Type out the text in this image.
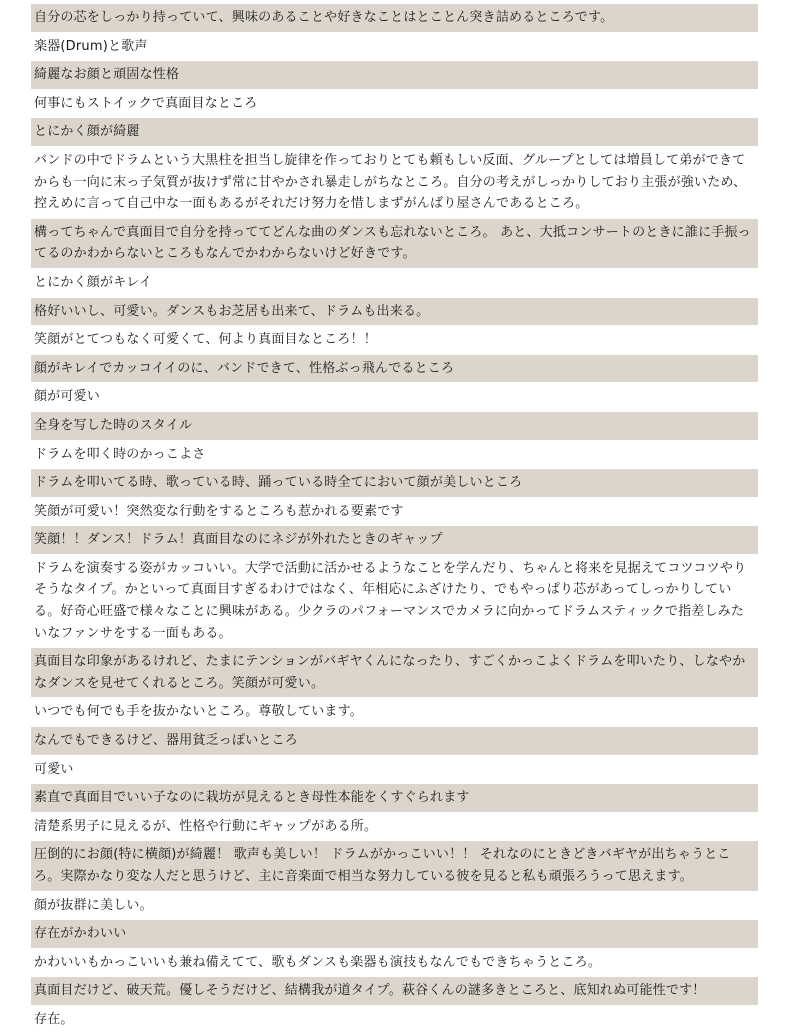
自分の芯をしっかり持っていて、興味のあることや好きなことはとことん突き詰めるところです。
楽器(Drum)と歌声
綺麗なお顔と頑固な性格
何事にもストイックで真面目なところ
とにかく顔が綺麗
バンドの中でドラムという大黒柱を担当し旋律を作っておりとても頼もしい反面、グループとしては増員して弟ができてからも一向に末っ子気質が抜けず常に甘やかされ暴走しがちなところ。自分の考えがしっかりしており主張が強いため、控えめに言って自己中な一面もあるがそれだけ努力を惜しまずがんばり屋さんであるところ。
構ってちゃんで真面目で自分を持っててどんな曲のダンスも忘れないところ。 あと、大抵コンサートのときに誰に手振ってるのかわからないところもなんでかわからないけど好きです。
とにかく顔がキレイ
格好いいし、可愛い。ダンスもお芝居も出来て、ドラムも出来る。
笑顔がとてつもなく可愛くて、何より真面目なところ！！
顔がキレイでカッコイイのに、バンドできて、性格ぶっ飛んでるところ
顔が可愛い
全身を写した時のスタイル
ドラムを叩く時のかっこよさ
ドラムを叩いてる時、歌っている時、踊っている時全てにおいて顔が美しいところ
笑顔が可愛い！突然変な行動をするところも惹かれる要素です
笑顔！！ダンス！ドラム！真面目なのにネジが外れたときのギャップ
ドラムを演奏する姿がカッコいい。大学で活動に活かせるようなことを学んだり、ちゃんと将来を見据えてコツコツやりそうなタイプ。かといって真面目すぎるわけではなく、年相応にふざけたり、でもやっぱり芯があってしっかりしている。好奇心旺盛で様々なことに興味がある。少クラのパフォーマンスでカメラに向かってドラムスティックで指差しみたいなファンサをする一面もある。
真面目な印象があるけれど、たまにテンションがバギヤくんになったり、すごくかっこよくドラムを叩いたり、しなやかなダンスを見せてくれるところ。笑顔が可愛い。
いつでも何でも手を抜かないところ。尊敬しています。
なんでもできるけど、器用貧乏っぽいところ
可愛い
素直で真面目でいい子なのに栽坊が見えるとき母性本能をくすぐられます
清楚系男子に見えるが、性格や行動にギャップがある所。
圧倒的にお顔(特に横顔)が綺麗！ 歌声も美しい！ ドラムがかっこいい！！ それなのにときどきバギヤが出ちゃうところ。実際かなり変な人だと思うけど、主に音楽面で相当な努力している彼を見ると私も頑張ろうって思えます。
顔が抜群に美しい。
存在がかわいい
かわいいもかっこいいも兼ね備えてて、歌もダンスも楽器も演技もなんでもできちゃうところ。
真面目だけど、破天荒。優しそうだけど、結構我が道タイプ。萩谷くんの謎多きところと、底知れぬ可能性です！
存在。
